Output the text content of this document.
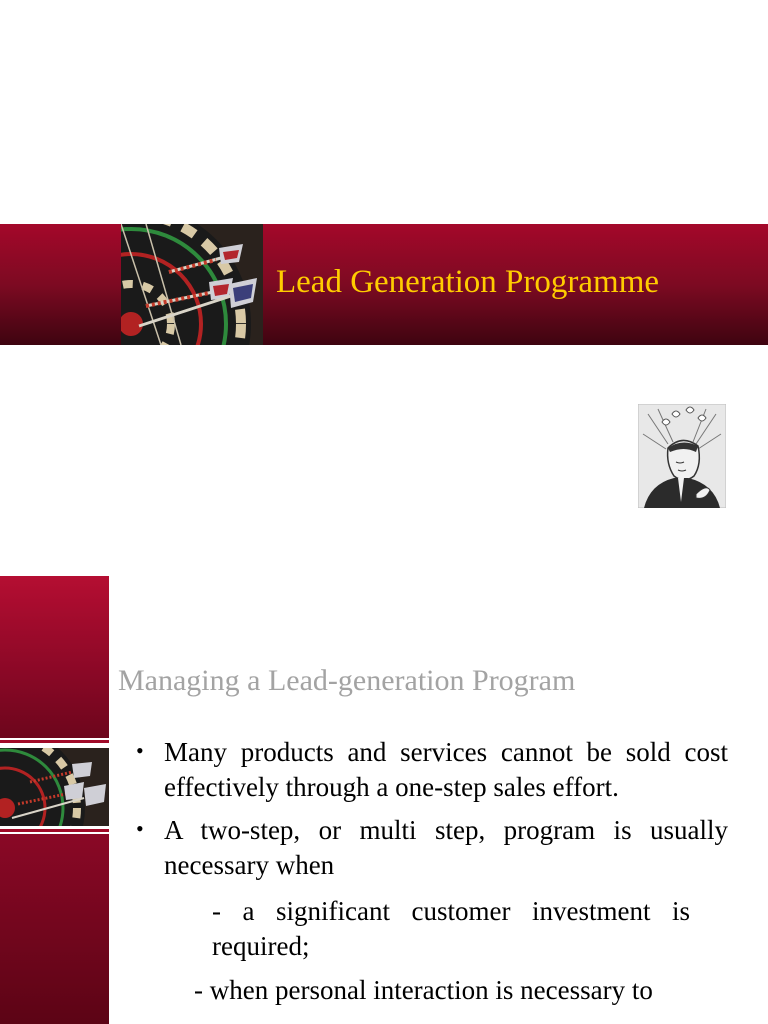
Lead Generation Programme
Managing a Lead-generation Program
• Many products and services cannot be sold cost effectively through a one-step sales effort.
• A two-step, or multi step, program is usually necessary when
- a significant customer investment is required;
- when personal interaction is necessary to
